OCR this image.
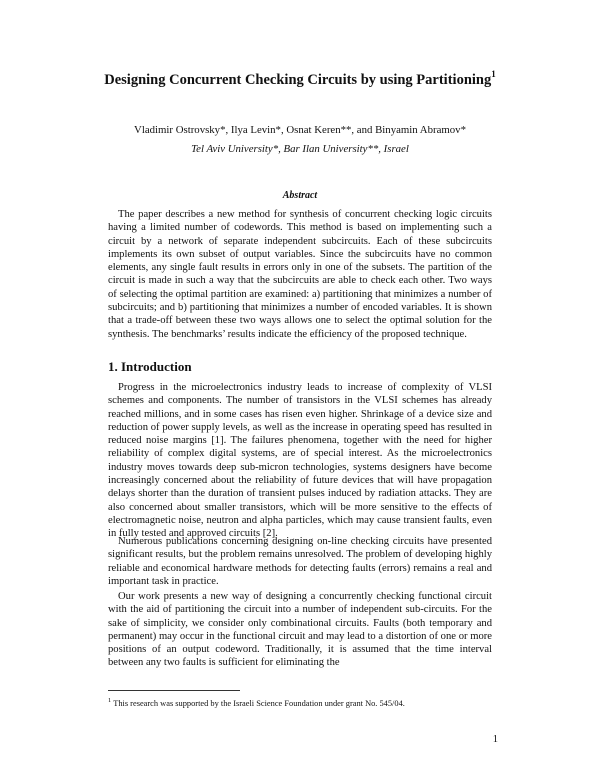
Designing Concurrent Checking Circuits by using Partitioning$^1$
Vladimir Ostrovsky*, Ilya Levin*, Osnat Keren**, and Binyamin Abramov*
Tel Aviv University*, Bar Ilan University**, Israel
Abstract
The paper describes a new method for synthesis of concurrent checking logic circuits having a limited number of codewords. This method is based on implementing such a circuit by a network of separate independent subcircuits. Each of these subcircuits implements its own subset of output variables. Since the subcircuits have no common elements, any single fault results in errors only in one of the subsets. The partition of the circuit is made in such a way that the subcircuits are able to check each other. Two ways of selecting the optimal partition are examined: a) partitioning that minimizes a number of subcircuits; and b) partitioning that minimizes a number of encoded variables. It is shown that a trade-off between these two ways allows one to select the optimal solution for the synthesis. The benchmarks’ results indicate the efficiency of the proposed technique.
1. Introduction

Progress in the microelectronics industry leads to increase of complexity of VLSI schemes and components. The number of transistors in the VLSI schemes has already reached millions, and in some cases has risen even higher. Shrinkage of a device size and reduction of power supply levels, as well as the increase in operating speed has resulted in reduced noise margins [1]. The failures phenomena, together with the need for higher reliability of complex digital systems, are of special interest. As the microelectronics industry moves towards deep sub-micron technologies, systems designers have become increasingly concerned about the reliability of future devices that will have propagation delays shorter than the duration of transient pulses induced by radiation attacks. They are also concerned about smaller transistors, which will be more sensitive to the effects of electromagnetic noise, neutron and alpha particles, which may cause transient faults, even in fully tested and approved circuits [2].

Numerous publications concerning designing on-line checking circuits have presented significant results, but the problem remains unresolved. The problem of developing highly reliable and economical hardware methods for detecting faults (errors) remains a real and important task in practice.

Our work presents a new way of designing a concurrently checking functional circuit with the aid of partitioning the circuit into a number of independent sub-circuits. For the sake of simplicity, we consider only combinational circuits. Faults (both temporary and permanent) may occur in the functional circuit and may lead to a distortion of one or more positions of an output codeword. Traditionally, it is assumed that the time interval between any two faults is sufficient for eliminating the

$^1$ This research was supported by the Israeli Science Foundation under grant No. 545/04.
1
